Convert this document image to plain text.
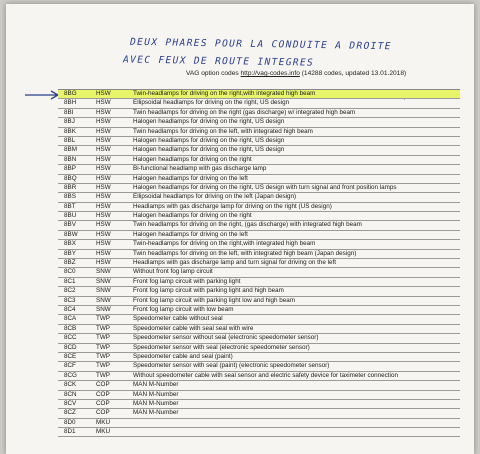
DEUX PHARES POUR LA CONDUITE A DROITE
AVEC FEUX DE ROUTE INTEGRES
VAG option codes http://vag-codes.info (14288 codes, updated 13.01.2018)
8BG	HSW	Twin-headlamps for driving on the right,with integrated high beam
8BH	HSW	Ellipsoidal headlamps for driving on the right, US design
8BI	HSW	Twin headlamps for driving on the right (gas discharge) w/ integrated high beam
8BJ	HSW	Halogen headlamps for driving on the right, US design
8BK	HSW	Twin headlamps for driving on the left, with integrated high beam
8BL	HSW	Halogen headlamps for driving on the right, US design
8BM	HSW	Halogen headlamps for driving on the right, US design
8BN	HSW	Halogen headlamps for driving on the right
8BP	HSW	Bi-functional headlamp with gas discharge lamp
8BQ	HSW	Halogen headlamps for driving on the left
8BR	HSW	Halogen headlamps for driving on the right, US design with turn signal and front position lamps
8BS	HSW	Ellipsoidal headlamps for driving on the left (Japan design)
8BT	HSW	Headlamps with gas discharge lamp for driving on the right (US design)
8BU	HSW	Halogen headlamps for driving on the right
8BV	HSW	Twin headlamps for driving on the right, (gas discharge) with integrated high beam
8BW	HSW	Halogen headlamps for driving on the left
8BX	HSW	Twin-headlamps for driving on the right,with integrated high beam
8BY	HSW	Twin headlamps for driving on the left, with integrated high beam (Japan design)
8BZ	HSW	Headlamps with gas discharge lamp and turn signal for driving on the left
8C0	SNW	Without front fog lamp circuit
8C1	SNW	Front fog lamp circuit with parking light
8C2	SNW	Front fog lamp circuit with parking light and high beam
8C3	SNW	Front fog lamp circuit with parking light low and high beam
8C4	SNW	Front fog lamp circuit with low beam
8CA	TWP	Speedometer cable without seal
8CB	TWP	Speedometer cable with seal seal with wire
8CC	TWP	Speedometer sensor without seal (electronic speedometer sensor)
8CD	TWP	Speedometer sensor with seal (electronic speedometer sensor)
8CE	TWP	Speedometer cable and seal (paint)
8CF	TWP	Speedometer sensor with seal (paint) (electronic speedometer sensor)
8CG	TWP	Without speedometer cable with seal sensor and electric safety device for taximeter connection
8CK	COP	MAN M-Number
8CN	COP	MAN M-Number
8CV	COP	MAN M-Number
8CZ	COP	MAN M-Number
8D0	MKU
8D1	MKU
